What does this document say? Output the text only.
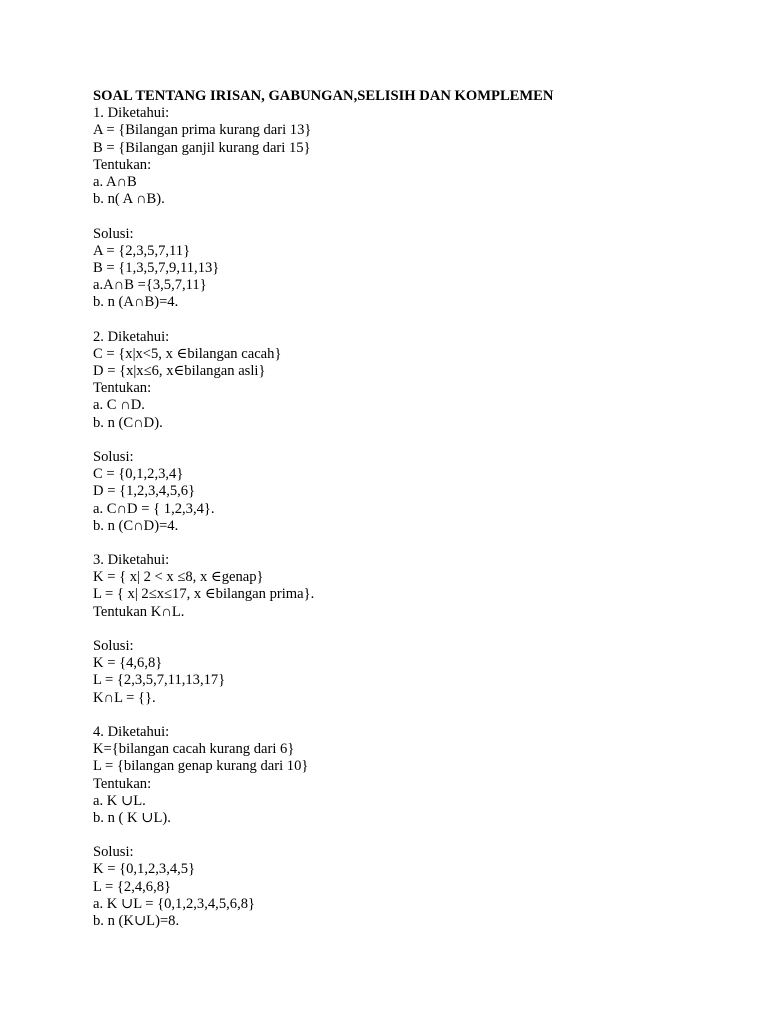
SOAL TENTANG IRISAN, GABUNGAN,SELISIH DAN KOMPLEMEN
1. Diketahui:
A = {Bilangan prima kurang dari 13}
B = {Bilangan ganjil kurang dari 15}
Tentukan:
a. A∩B
b. n( A ∩B).
Solusi:
A = {2,3,5,7,11}
B = {1,3,5,7,9,11,13}
a.A∩B ={3,5,7,11}
b. n (A∩B)=4.
2. Diketahui:
C = {x|x<5, x ∈bilangan cacah}
D = {x|x≤6, x∈bilangan asli}
Tentukan:
a. C ∩D.
b. n (C∩D).
Solusi:
C = {0,1,2,3,4}
D = {1,2,3,4,5,6}
a. C∩D = { 1,2,3,4}.
b. n (C∩D)=4.
3. Diketahui:
K = { x| 2 < x ≤8, x ∈genap}
L = { x| 2≤x≤17, x ∈bilangan prima}.
Tentukan K∩L.
Solusi:
K = {4,6,8}
L = {2,3,5,7,11,13,17}
K∩L = {}.
4. Diketahui:
K={bilangan cacah kurang dari 6}
L = {bilangan genap kurang dari 10}
Tentukan:
a. K ∪L.
b. n ( K ∪L).
Solusi:
K = {0,1,2,3,4,5}
L = {2,4,6,8}
a. K ∪L = {0,1,2,3,4,5,6,8}
b. n (K∪L)=8.
